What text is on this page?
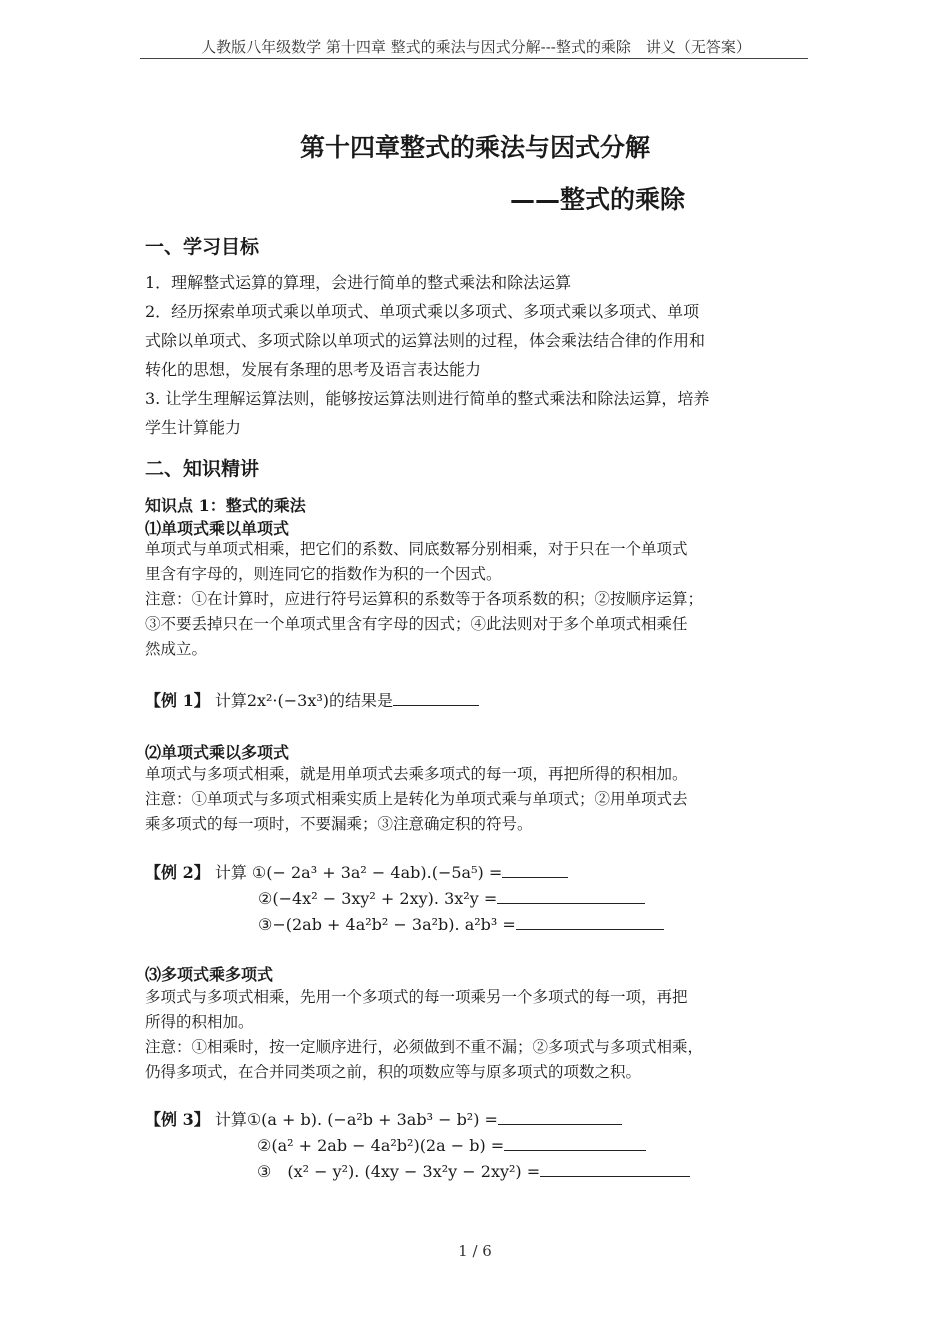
人教版八年级数学 第十四章 整式的乘法与因式分解---整式的乘除　讲义（无答案）
第十四章整式的乘法与因式分解
——整式的乘除
一、学习目标
1．理解整式运算的算理，会进行简单的整式乘法和除法运算
2．经历探索单项式乘以单项式、单项式乘以多项式、多项式乘以多项式、单项
式除以单项式、多项式除以单项式的运算法则的过程，体会乘法结合律的作用和
转化的思想，发展有条理的思考及语言表达能力
3. 让学生理解运算法则，能够按运算法则进行简单的整式乘法和除法运算，培养
学生计算能力
二、知识精讲
知识点 1：整式的乘法
⑴单项式乘以单项式
单项式与单项式相乘，把它们的系数、同底数幂分别相乘，对于只在一个单项式
里含有字母的，则连同它的指数作为积的一个因式。
注意：①在计算时，应进行符号运算积的系数等于各项系数的积；②按顺序运算；
③不要丢掉只在一个单项式里含有字母的因式；④此法则对于多个单项式相乘任
然成立。
【例 1】 计算2x²·(−3x³)的结果是
⑵单项式乘以多项式
单项式与多项式相乘，就是用单项式去乘多项式的每一项，再把所得的积相加。
注意：①单项式与多项式相乘实质上是转化为单项式乘与单项式；②用单项式去
乘多项式的每一项时，不要漏乘；③注意确定积的符号。
【例 2】 计算 ①(− 2a³ + 3a² − 4ab).(−5a⁵) =
②(−4x² − 3xy² + 2xy). 3x²y =
③−(2ab + 4a²b² − 3a²b). a²b³ =
⑶多项式乘多项式
多项式与多项式相乘，先用一个多项式的每一项乘另一个多项式的每一项，再把
所得的积相加。
注意：①相乘时，按一定顺序进行，必须做到不重不漏；②多项式与多项式相乘，
仍得多项式，在合并同类项之前，积的项数应等与原多项式的项数之积。
【例 3】 计算①(a + b). (−a²b + 3ab³ − b²) =
②(a² + 2ab − 4a²b²)(2a − b) =
③　(x² − y²). (4xy − 3x²y − 2xy²) =
1 / 6
